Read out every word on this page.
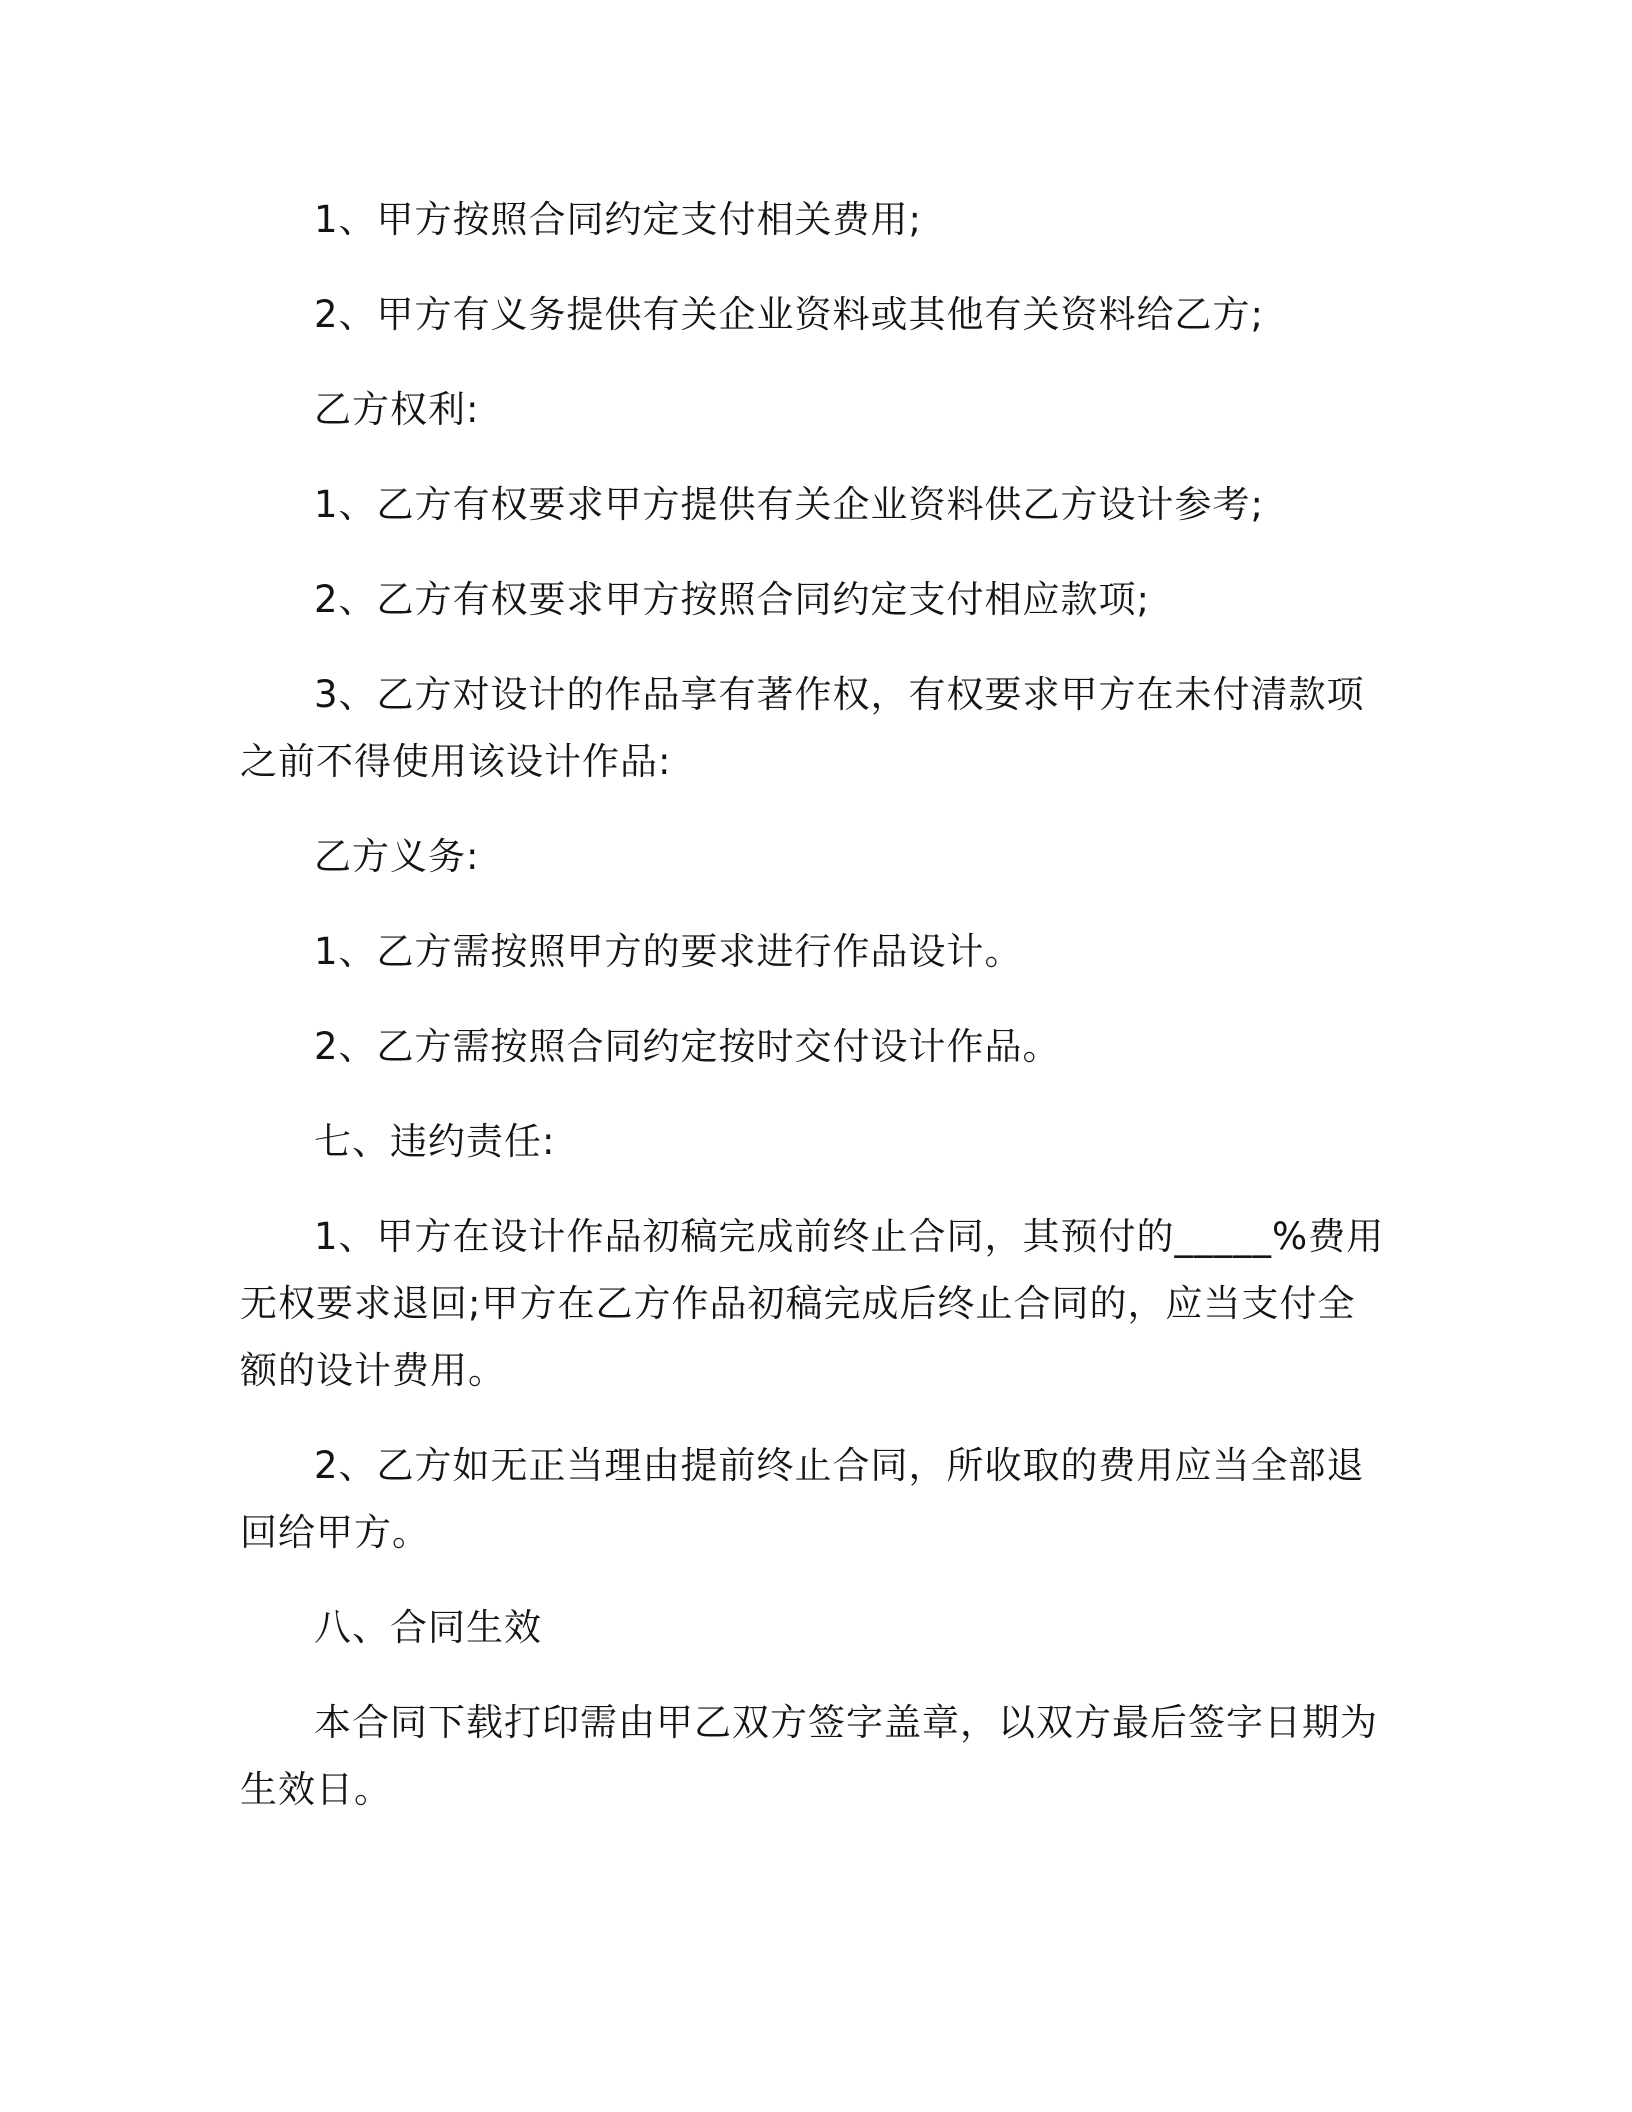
1、甲方按照合同约定支付相关费用;

2、甲方有义务提供有关企业资料或其他有关资料给乙方;

乙方权利:

1、乙方有权要求甲方提供有关企业资料供乙方设计参考;

2、乙方有权要求甲方按照合同约定支付相应款项;

3、乙方对设计的作品享有著作权，有权要求甲方在未付清款项之前不得使用该设计作品:

乙方义务:

1、乙方需按照甲方的要求进行作品设计。

2、乙方需按照合同约定按时交付设计作品。

七、违约责任:

1、甲方在设计作品初稿完成前终止合同，其预付的_____%费用无权要求退回;甲方在乙方作品初稿完成后终止合同的，应当支付全额的设计费用。

2、乙方如无正当理由提前终止合同，所收取的费用应当全部退回给甲方。

八、合同生效

本合同下载打印需由甲乙双方签字盖章，以双方最后签字日期为生效日。
